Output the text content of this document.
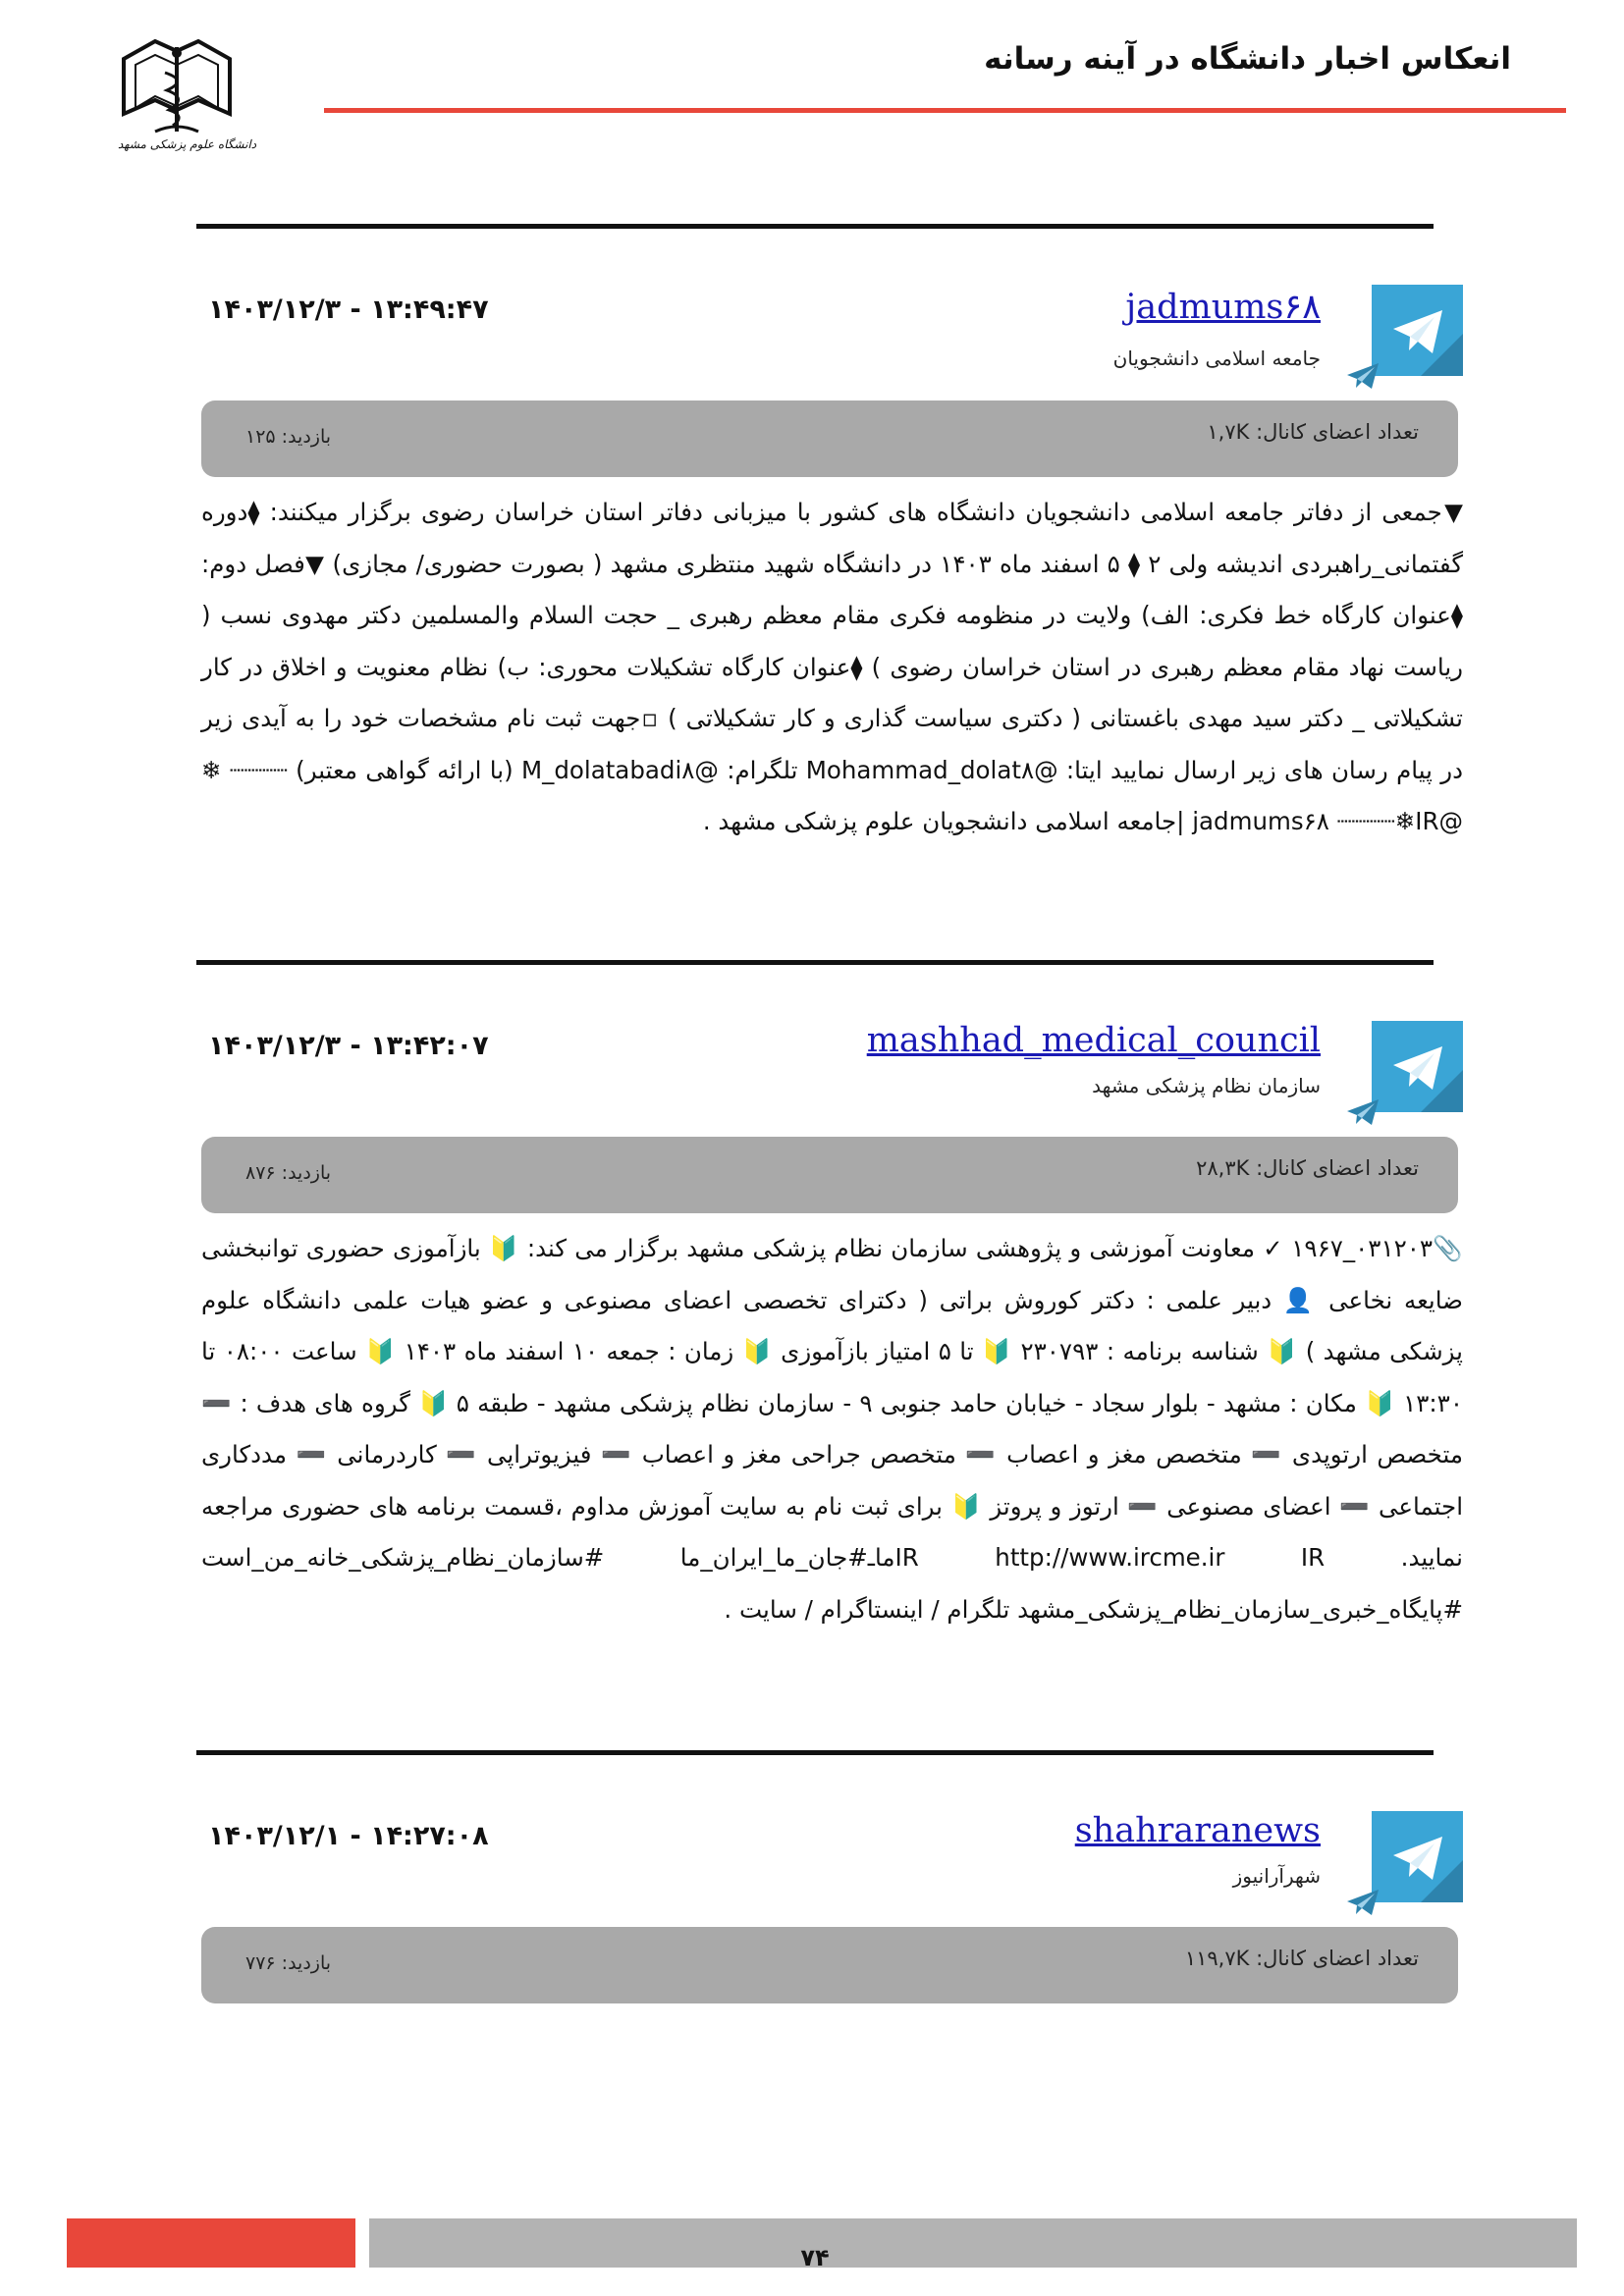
انعکاس اخبار دانشگاه در آینه رسانه
دانشگاه علوم پزشکی مشهد
jadmums۶۸
جامعه اسلامی دانشجویان
۱۴۰۳/۱۲/۳ - ۱۳:۴۹:۴۷
تعداد اعضای کانال: ۱,۷K
بازدید: ۱۲۵
▼جمعی از دفاتر جامعه اسلامی دانشجویان دانشگاه های کشور با میزبانی دفاتر استان خراسان رضوی برگزار میکنند: ⧫دوره گفتمانی_راهبردی اندیشه ولی ۲ ⧫ ۵ اسفند ماه ۱۴۰۳ در دانشگاه شهید منتظری مشهد ( بصورت حضوری/ مجازی) ▼فصل دوم: ⧫عنوان کارگاه خط فکری: الف) ولایت در منظومه فکری مقام معظم رهبری _ حجت السلام والمسلمین دکتر مهدوی نسب ( ریاست نهاد مقام معظم رهبری در استان خراسان رضوی ) ⧫عنوان کارگاه تشکیلات محوری: ب) نظام معنویت و اخلاق در کار تشکیلاتی _ دکتر سید مهدی باغستانی ( دکتری سیاست گذاری و کار تشکیلاتی ) ▫جهت ثبت نام مشخصات خود را به آیدی زیر در پیام رسان های زیر ارسال نمایید ایتا: @Mohammad_dolat۸ تلگرام: @M_dolatabadi۸ (با ارائه گواهی معتبر) ┈┈┈┈ ❄ @jadmums۶۸ ┈┈┈┈❄IR |جامعه اسلامی دانشجویان علوم پزشکی مشهد .
mashhad_medical_council
سازمان نظام پزشکی مشهد
۱۴۰۳/۱۲/۳ - ۱۳:۴۲:۰۷
تعداد اعضای کانال: ۲۸,۳K
بازدید: ۸۷۶
📎۰۳۱۲۰۳_۱۹۶۷ ✓ معاونت آموزشی و پژوهشی سازمان نظام پزشکی مشهد برگزار می کند: 🔰 بازآموزی حضوری توانبخشی ضایعه نخاعی 👤 دبیر علمی : دکتر کوروش براتی ( دکترای تخصصی اعضای مصنوعی و عضو هیات علمی دانشگاه علوم پزشکی مشهد ) 🔰 شناسه برنامه : ۲۳۰۷۹۳ 🔰 تا ۵ امتیاز بازآموزی 🔰 زمان : جمعه ۱۰ اسفند ماه ۱۴۰۳ 🔰 ساعت ۰۸:۰۰ تا ۱۳:۳۰ 🔰 مکان : مشهد - بلوار سجاد - خیابان حامد جنوبی ۹ - سازمان نظام پزشکی مشهد - طبقه ۵ 🔰 گروه های هدف : ➖ متخصص ارتوپدی ➖ متخصص مغز و اعصاب ➖ متخصص جراحی مغز و اعصاب ➖ فیزیوتراپی ➖ کاردرمانی ➖ مددکاری اجتماعی ➖ اعضای مصنوعی ➖ ارتوز و پروتز 🔰 برای ثبت نام به سایت آموزش مداوم ،قسمت برنامه های حضوری مراجعه نمایید. IR http://www.ircme.ir IRماـ#جان_ما_ایران_ما #سازمان_نظام_پزشکی_خانه_من_است #پایگاه_خبری_سازمان_نظام_پزشکی_مشهد تلگرام / اینستاگرام / سایت .
shahraranews
شهرآرانیوز
۱۴۰۳/۱۲/۱ - ۱۴:۲۷:۰۸
تعداد اعضای کانال: ۱۱۹,۷K
بازدید: ۷۷۶
۷۴
